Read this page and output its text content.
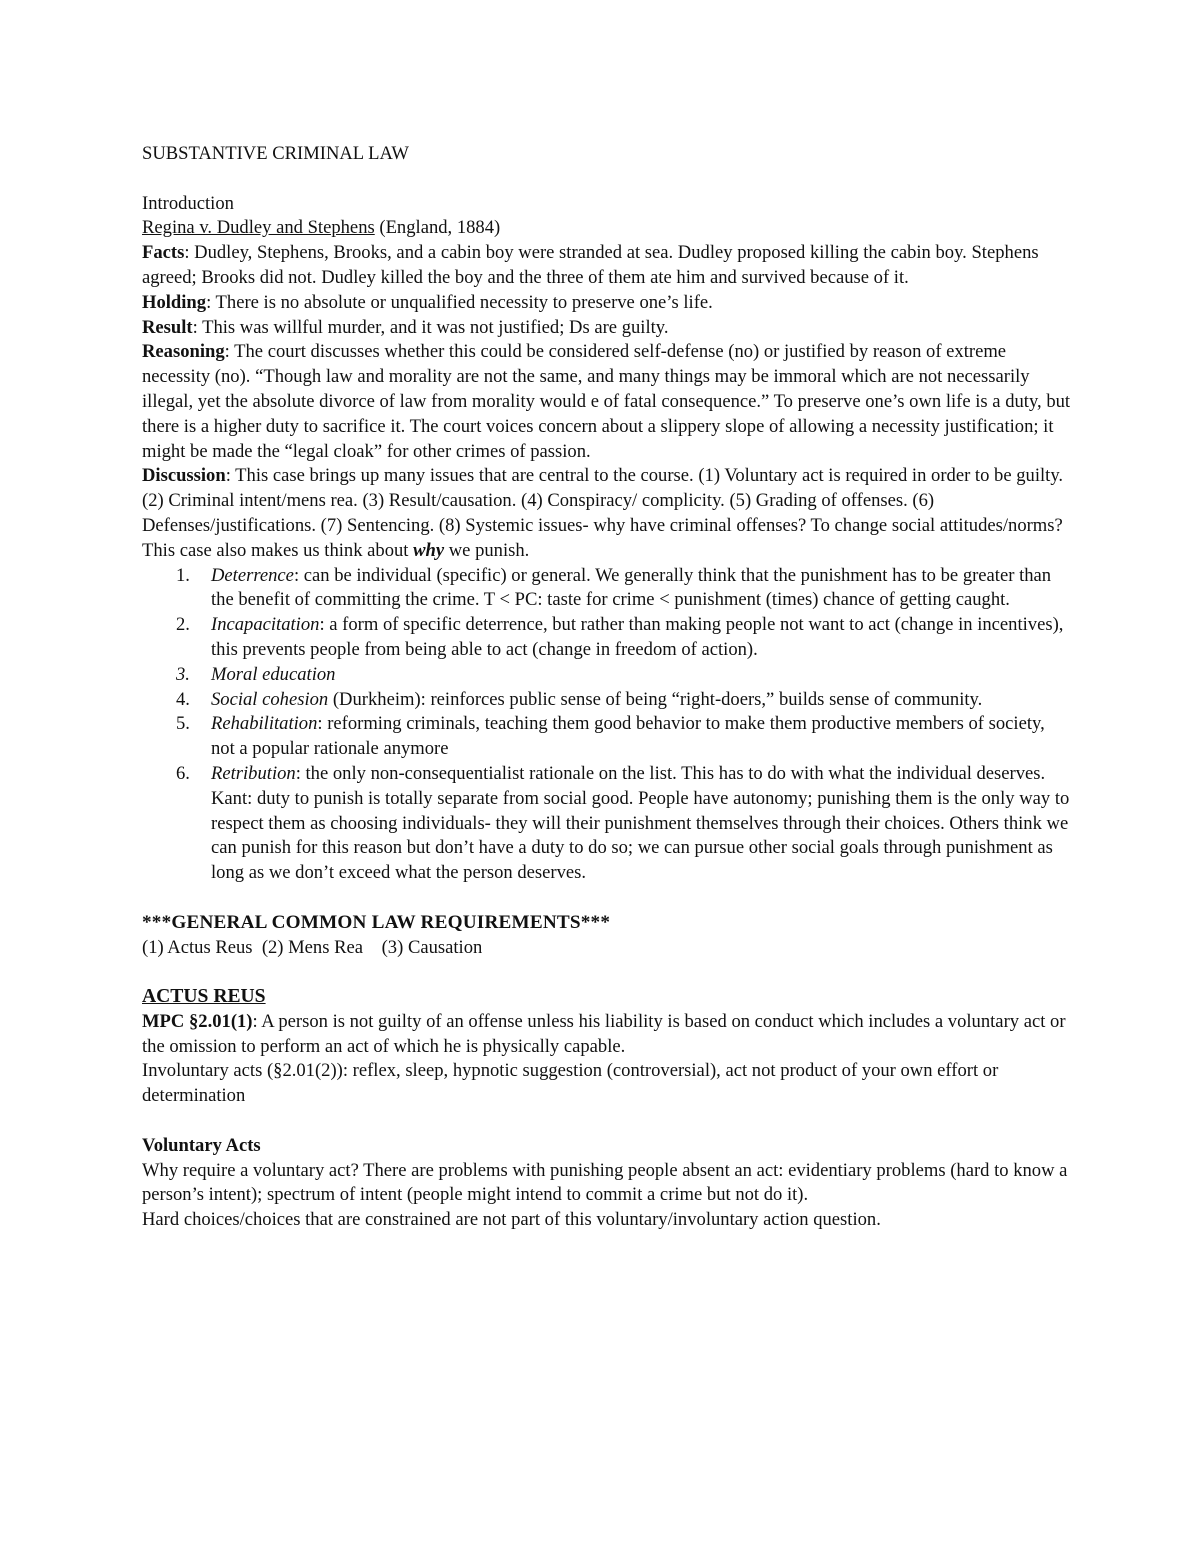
SUBSTANTIVE CRIMINAL LAW

Introduction

Regina v. Dudley and Stephens (England, 1884)

Facts: Dudley, Stephens, Brooks, and a cabin boy were stranded at sea. Dudley proposed killing the cabin boy. Stephens agreed; Brooks did not. Dudley killed the boy and the three of them ate him and survived because of it.

Holding: There is no absolute or unqualified necessity to preserve one’s life.

Result: This was willful murder, and it was not justified; Ds are guilty.

Reasoning: The court discusses whether this could be considered self-defense (no) or justified by reason of extreme necessity (no). “Though law and morality are not the same, and many things may be immoral which are not necessarily illegal, yet the absolute divorce of law from morality would e of fatal consequence.” To preserve one’s own life is a duty, but there is a higher duty to sacrifice it. The court voices concern about a slippery slope of allowing a necessity justification; it might be made the “legal cloak” for other crimes of passion.

Discussion: This case brings up many issues that are central to the course. (1) Voluntary act is required in order to be guilty. (2) Criminal intent/mens rea. (3) Result/causation. (4) Conspiracy/ complicity. (5) Grading of offenses. (6) Defenses/justifications. (7) Sentencing. (8) Systemic issues- why have criminal offenses? To change social attitudes/norms?

This case also makes us think about why we punish.

1. Deterrence: can be individual (specific) or general. We generally think that the punishment has to be greater than the benefit of committing the crime. T < PC: taste for crime < punishment (times) chance of getting caught.
2. Incapacitation: a form of specific deterrence, but rather than making people not want to act (change in incentives), this prevents people from being able to act (change in freedom of action).
3. Moral education
4. Social cohesion (Durkheim): reinforces public sense of being “right-doers,” builds sense of community.
5. Rehabilitation: reforming criminals, teaching them good behavior to make them productive members of society, not a popular rationale anymore
6. Retribution: the only non-consequentialist rationale on the list. This has to do with what the individual deserves. Kant: duty to punish is totally separate from social good. People have autonomy; punishing them is the only way to respect them as choosing individuals- they will their punishment themselves through their choices. Others think we can punish for this reason but don’t have a duty to do so; we can pursue other social goals through punishment as long as we don’t exceed what the person deserves.

***GENERAL COMMON LAW REQUIREMENTS***

(1) Actus Reus  (2) Mens Rea    (3) Causation

ACTUS REUS

MPC §2.01(1): A person is not guilty of an offense unless his liability is based on conduct which includes a voluntary act or the omission to perform an act of which he is physically capable.

Involuntary acts (§2.01(2)): reflex, sleep, hypnotic suggestion (controversial), act not product of your own effort or determination

Voluntary Acts

Why require a voluntary act? There are problems with punishing people absent an act: evidentiary problems (hard to know a person’s intent); spectrum of intent (people might intend to commit a crime but not do it).

Hard choices/choices that are constrained are not part of this voluntary/involuntary action question.
